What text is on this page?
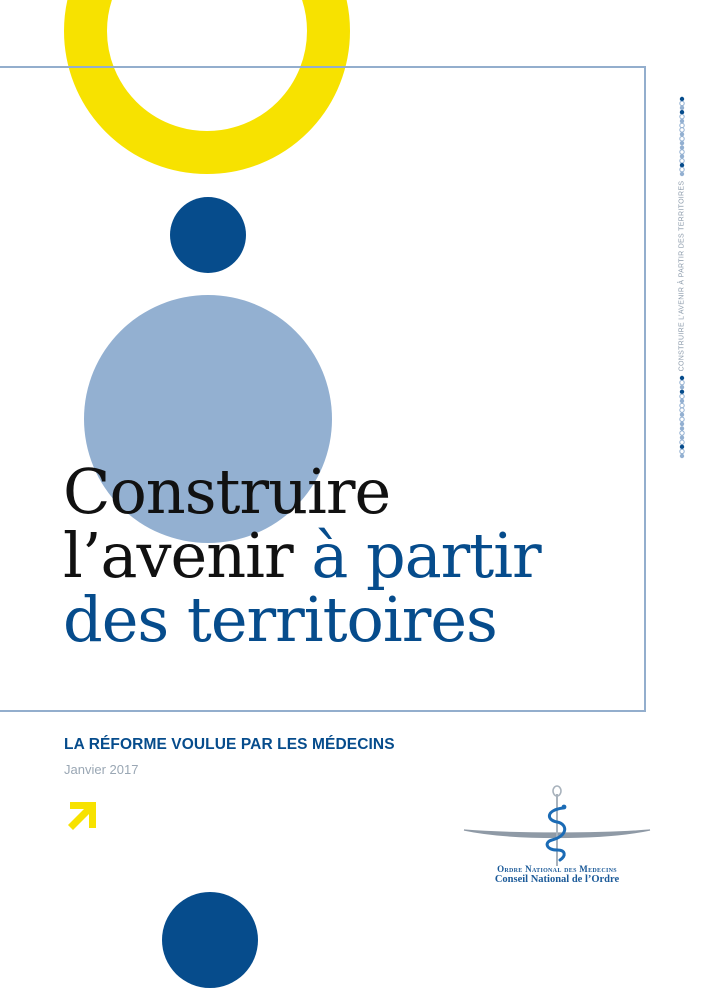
Construire
l’avenir à partir
des territoires
CONSTRUIRE L’AVENIR À PARTIR DES TERRITOIRES
LA RÉFORME VOULUE PAR LES MÉDECINS
Janvier 2017
Ordre National des Medecins
Conseil National de l’Ordre
